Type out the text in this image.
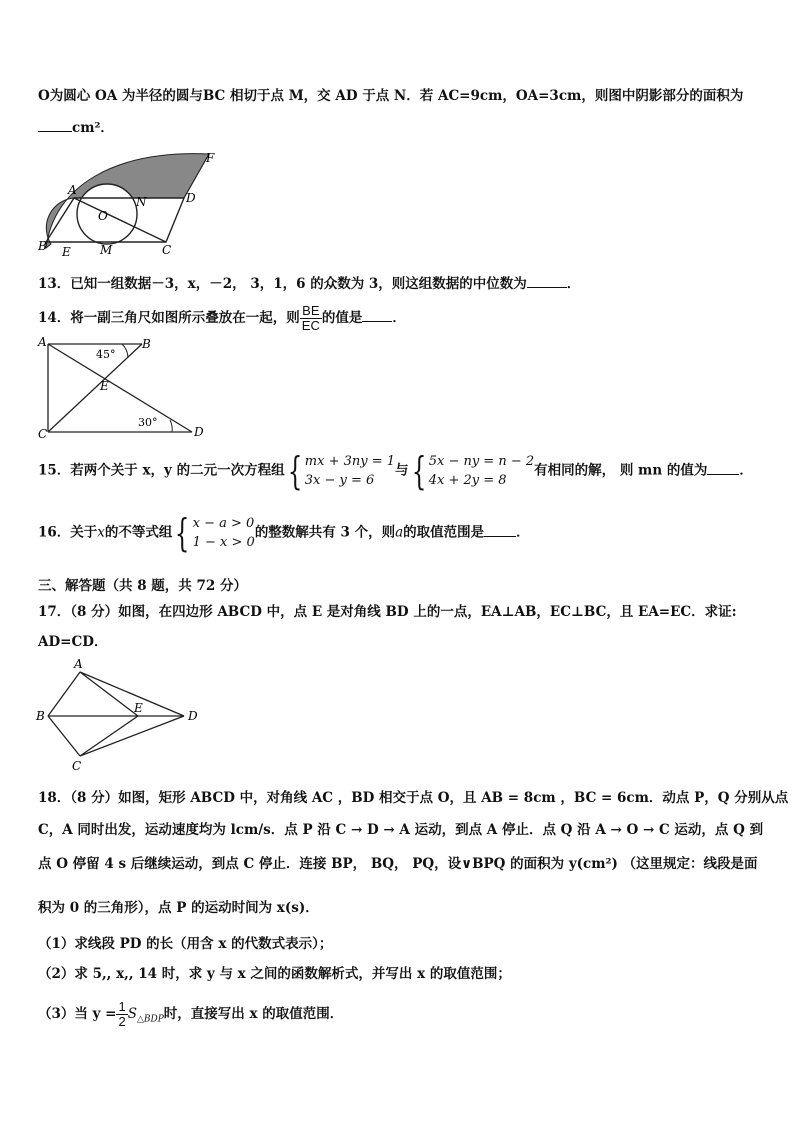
O为圆心 OA 为半径的圆与BC 相切于点 M，交 AD 于点 N．若 AC=9cm，OA=3cm，则图中阴影部分的面积为
cm²．
A
B	C
D
E
F
M
N
O
13．已知一组数据－3，x，－2， 3，1，6 的众数为 3，则这组数据的中位数为	．
14．将一副三角尺如图所示叠放在一起，则 $\frac{BE}{EC}$ 的值是 ．
A	B
C	D
E
45°
30°
15．若两个关于 x，y 的二元一次方程组{ mx + 3ny = 1
3x − y = 6
与{ 5x − ny = n − 2
4x + 2y = 8
有相同的解， 则 mn 的值为 ．
16．关于x的不等式组{ x − a > 0
1 − x > 0
的整数解共有 3 个，则a的取值范围是 ．
三、解答题（共 8 题，共 72 分）
17．（8 分）如图，在四边形 ABCD 中，点 E 是对角线 BD 上的一点，EA⊥AB，EC⊥BC，且 EA=EC．求证:
AD=CD．
A
B
C
D
E
18．（8 分）如图，矩形 ABCD 中，对角线 AC ，BD 相交于点 O，且 AB = 8cm ，BC = 6cm．动点 P，Q 分别从点
C，A 同时出发，运动速度均为 lcm/s．点 P 沿 C → D → A 运动，到点 A 停止．点 Q 沿 A → O → C 运动，点 Q 到
点 O 停留 4 s 后继续运动，到点 C 停止．连接 BP， BQ， PQ，设∨BPQ 的面积为 y(cm²) （这里规定：线段是面
积为 0 的三角形），点 P 的运动时间为 x(s)．
（1）求线段 PD 的长（用含 x 的代数式表示）；
（2）求 5,, x,, 14 时，求 y 与 x 之间的函数解析式，并写出 x 的取值范围；
（3）当 $y = \frac{1}{2} S_{\triangle BDP}$时，直接写出 x 的取值范围．
